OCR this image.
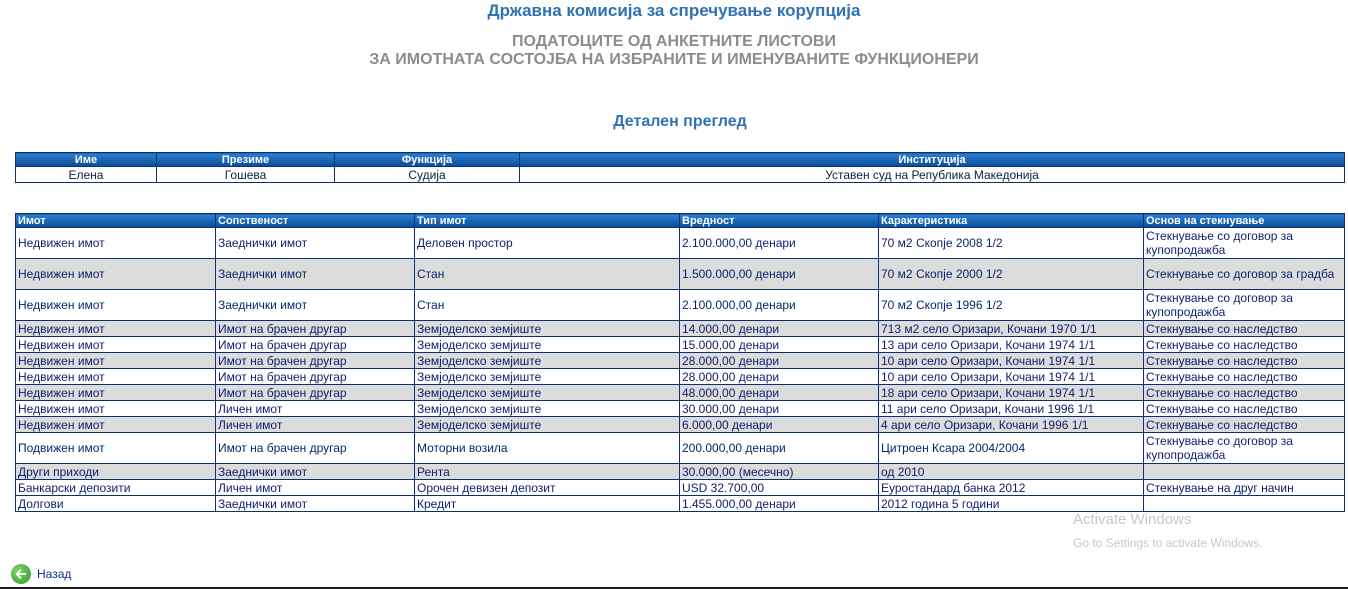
Државна комисија за спречување корупција
ПОДАТОЦИТЕ ОД АНКЕТНИТЕ ЛИСТОВИ
ЗА ИМОТНАТА СОСТОЈБА НА ИЗБРАНИТЕ И ИМЕНУВАНИТЕ ФУНКЦИОНЕРИ
Детален преглед
Име	Презиме	Функција	Институција
Елена	Гошева	Судија	Уставен суд на Република Македонија
Имот	Сопственост	Тип имот	Вредност	Карактеристика	Основ на стекнување
Недвижен имот	Заеднички имот	Деловен простор	2.100.000,00 денари	70 м2 Скопје 2008 1/2	Стекнување со договор за купопродажба
Недвижен имот	Заеднички имот	Стан	1.500.000,00 денари	70 м2 Скопје 2000 1/2	Стекнување со договор за градба
Недвижен имот	Заеднички имот	Стан	2.100.000,00 денари	70 м2 Скопје 1996 1/2	Стекнување со договор за купопродажба
Недвижен имот	Имот на брачен другар	Земјоделско земјиште	14.000,00 денари	713 м2 село Оризари, Кочани 1970 1/1	Стекнување со наследство
Недвижен имот	Имот на брачен другар	Земјоделско земјиште	15.000,00 денари	13 ари село Оризари, Кочани 1974 1/1	Стекнување со наследство
Недвижен имот	Имот на брачен другар	Земјоделско земјиште	28.000,00 денари	10 ари село Оризари, Кочани 1974 1/1	Стекнување со наследство
Недвижен имот	Имот на брачен другар	Земјоделско земјиште	28.000,00 денари	10 ари село Оризари, Кочани 1974 1/1	Стекнување со наследство
Недвижен имот	Имот на брачен другар	Земјоделско земјиште	48.000,00 денари	18 ари село Оризари, Кочани 1974 1/1	Стекнување со наследство
Недвижен имот	Личен имот	Земјоделско земјиште	30.000,00 денари	11 ари село Оризари, Кочани 1996 1/1	Стекнување со наследство
Недвижен имот	Личен имот	Земјоделско земјиште	6.000,00 денари	4 ари село Оризари, Кочани 1996 1/1	Стекнување со наследство
Подвижен имот	Имот на брачен другар	Моторни возила	200.000,00 денари	Цитроен Ксара 2004/2004	Стекнување со договор за купопродажба
Други приходи	Заеднички имот	Рента	30.000,00 (месечно)	од 2010	
Банкарски депозити	Личен имот	Орочен девизен депозит	USD 32.700,00	Еуростандард банка 2012	Стекнување на друг начин
Долгови	Заеднички имот	Кредит	1.455.000,00 денари	2012 година 5 години	
Назад
Activate Windows
Go to Settings to activate Windows.
